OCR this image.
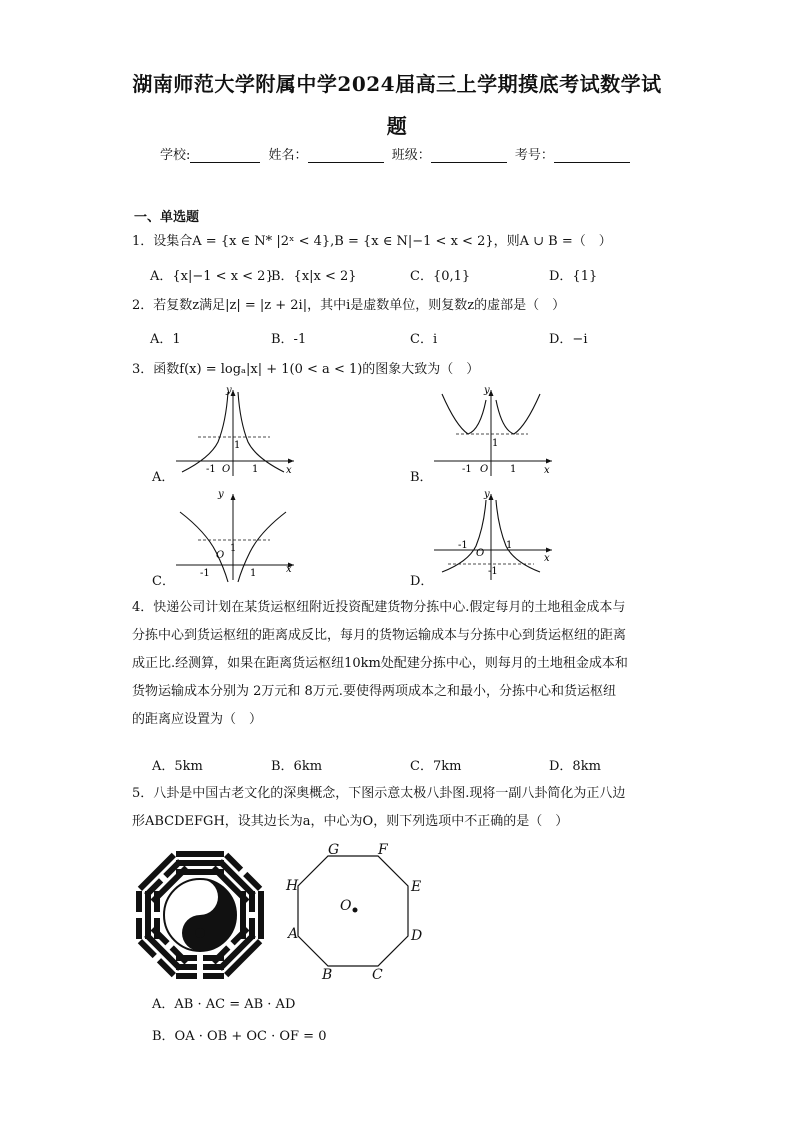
湖南师范大学附属中学2024届高三上学期摸底考试数学试
题
学校:	姓名：	班级：	考号：
一、单选题
1．设集合A = {x ∈ N* |2ˣ < 4},B = {x ∈ N|−1 < x < 2}，则A ∪ B =（　）
A．{x|−1 < x < 2}
B．{x|x < 2}	C．{0,1}	D．{1}
2．若复数z满足|z| = |z + 2i|，其中i是虚数单位，则复数z的虚部是（　）
A．1	B．-1	C．i	D．−i
3．函数f(x) = logₐ|x| + 1(0 < a < 1)的图象大致为（　）
A．	B．
C．	D．
y
x
O
-1	1
1
y
x
O
-1	1
1
y
x
O
-1	1
1
y
x
O
-1	1
-1
4．快递公司计划在某货运枢纽附近投资配建货物分拣中心.假定每月的土地租金成本与
分拣中心到货运枢纽的距离成反比，每月的货物运输成本与分拣中心到货运枢纽的距离
成正比.经测算，如果在距离货运枢纽10km处配建分拣中心，则每月的土地租金成本和
货物运输成本分别为 2万元和 8万元.要使得两项成本之和最小，分拣中心和货运枢纽
的距离应设置为（　）
A．5km	B．6km	C．7km	D．8km
5．八卦是中国古老文化的深奥概念，下图示意太极八卦图.现将一副八卦简化为正八边
形ABCDEFGH，设其边长为a，中心为O，则下列选项中不正确的是（　）
G	F
E
D
C
B
A
H
O
A．AB · AC = AB · AD
B．OA · OB + OC · OF = 0
